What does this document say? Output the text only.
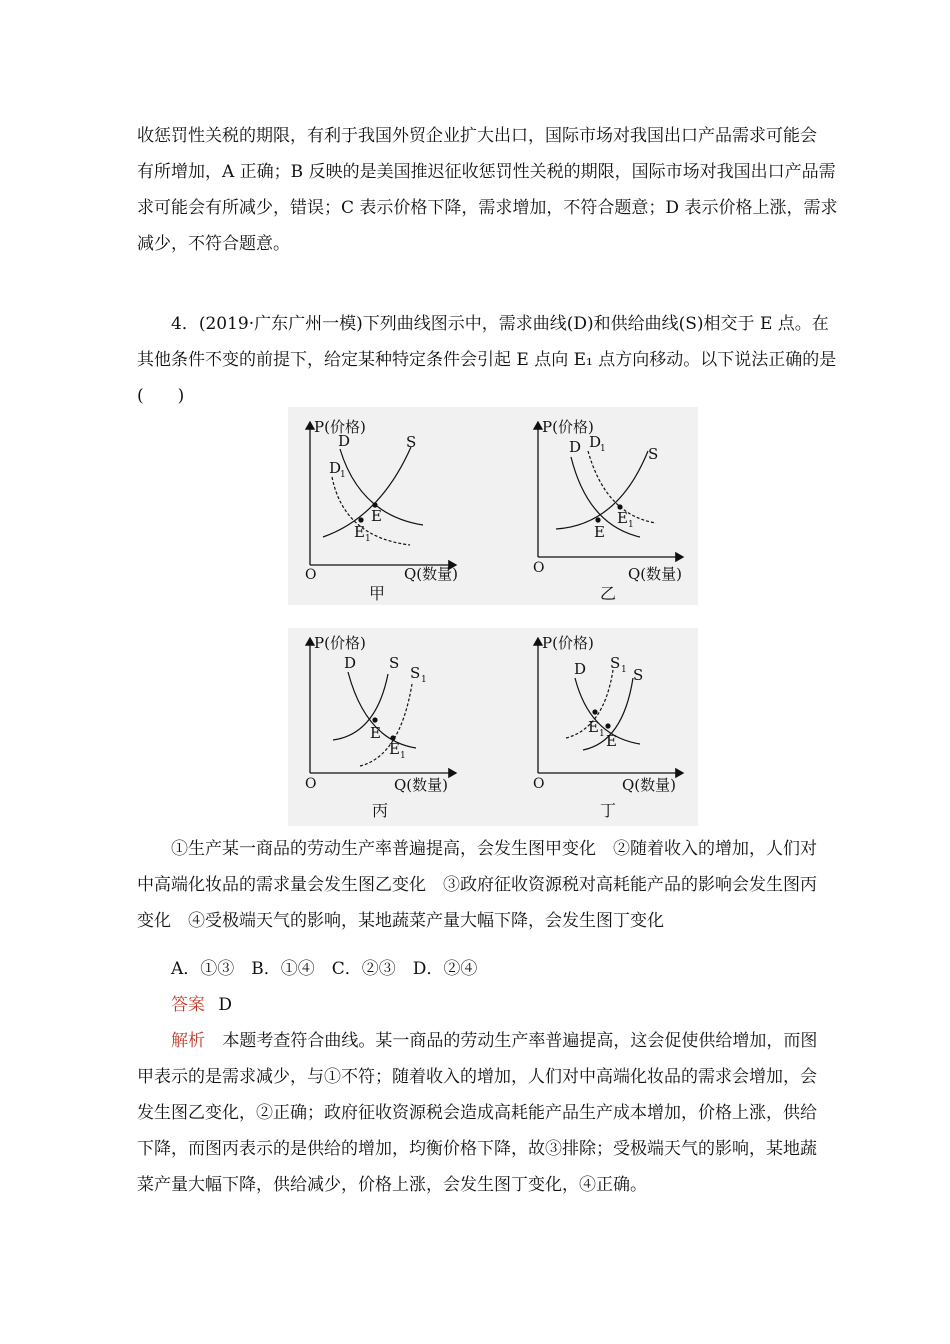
收惩罚性关税的期限，有利于我国外贸企业扩大出口，国际市场对我国出口产品需求可能会
有所增加，A 正确；B 反映的是美国推迟征收惩罚性关税的期限，国际市场对我国出口产品需
求可能会有所减少，错误；C 表示价格下降，需求增加，不符合题意；D 表示价格上涨，需求
减少，不符合题意。
4．(2019·广东广州一模)下列曲线图示中，需求曲线(D)和供给曲线(S)相交于 E 点。在
其他条件不变的前提下，给定某种特定条件会引起 E 点向 E₁ 点方向移动。以下说法正确的是
(　　)
P(价格)
Q(数量)
O
D
D
1
S
E
E 1
甲
P(价格)
Q(数量)
O
D D
1	S
E
E 1
乙
P(价格)
Q(数量)
O
D S
S 1
E
E 1
丙
P(价格)
Q(数量)
O
D	S
S 1
E
E 1
丁
①生产某一商品的劳动生产率普遍提高，会发生图甲变化　②随着收入的增加，人们对
中高端化妆品的需求量会发生图乙变化　③政府征收资源税对高耗能产品的影响会发生图丙
变化　④受极端天气的影响，某地蔬菜产量大幅下降，会发生图丁变化
A．①③　B．①④　C．②③　D．②④
答案 D
解析 本题考查符合曲线。某一商品的劳动生产率普遍提高，这会促使供给增加，而图
甲表示的是需求减少，与①不符；随着收入的增加，人们对中高端化妆品的需求会增加，会
发生图乙变化，②正确；政府征收资源税会造成高耗能产品生产成本增加，价格上涨，供给
下降，而图丙表示的是供给的增加，均衡价格下降，故③排除；受极端天气的影响，某地蔬
菜产量大幅下降，供给减少，价格上涨，会发生图丁变化，④正确。
